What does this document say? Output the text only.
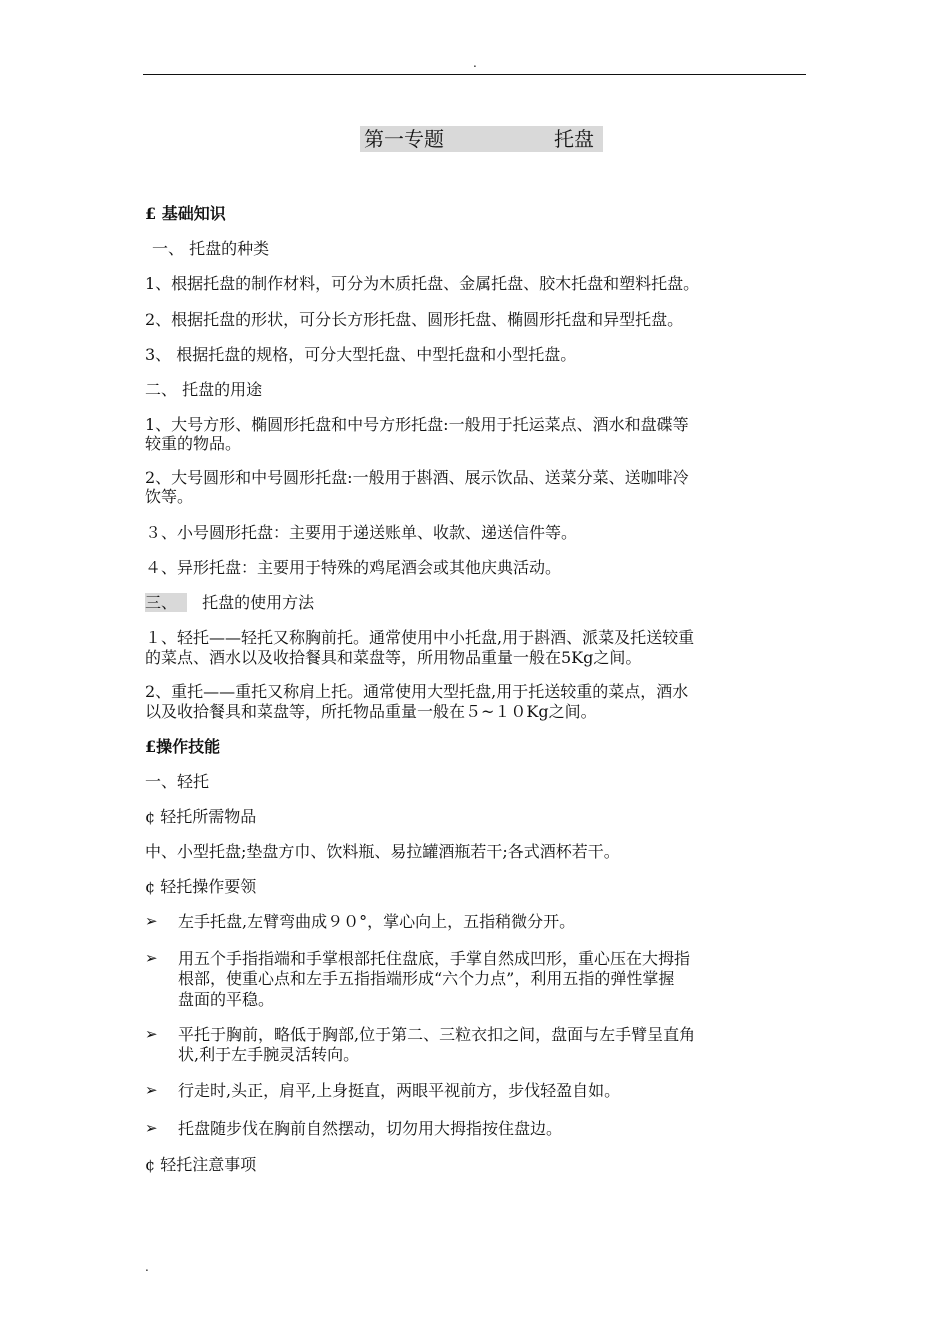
.

第一专题

	托盘

£ 基础知识
一、 托盘的种类
1、根据托盘的制作材料，可分为木质托盘、金属托盘、胶木托盘和塑料托盘。
2、根据托盘的形状，可分长方形托盘、圆形托盘、椭圆形托盘和异型托盘。
3、 根据托盘的规格，可分大型托盘、中型托盘和小型托盘。
二、 托盘的用途
1、大号方形、椭圆形托盘和中号方形托盘:一般用于托运菜点、酒水和盘碟等
较重的物品。
2、大号圆形和中号圆形托盘:一般用于斟酒、展示饮品、送菜分菜、送咖啡冷
饮等。
３、小号圆形托盘：主要用于递送账单、收款、递送信件等。
４、异形托盘：主要用于特殊的鸡尾酒会或其他庆典活动。
三、 托盘的使用方法
１、轻托——轻托又称胸前托。通常使用中小托盘,用于斟酒、派菜及托送较重
的菜点、酒水以及收拾餐具和菜盘等，所用物品重量一般在5Kg之间。
2、重托——重托又称肩上托。通常使用大型托盘,用于托送较重的菜点，酒水
以及收拾餐具和菜盘等，所托物品重量一般在５~１０Kg之间。
£操作技能
一、轻托
¢ 轻托所需物品
中、小型托盘;垫盘方巾、饮料瓶、易拉罐酒瓶若干;各式酒杯若干。
¢ 轻托操作要领
➢ 左手托盘,左臂弯曲成９０°，掌心向上，五指稍微分开。
➢ 用五个手指指端和手掌根部托住盘底，手掌自然成凹形，重心压在大拇指
根部，使重心点和左手五指指端形成“六个力点”，利用五指的弹性掌握
盘面的平稳。
➢ 平托于胸前，略低于胸部,位于第二、三粒衣扣之间，盘面与左手臂呈直角
状,利于左手腕灵活转向。
➢ 行走时,头正，肩平,上身挺直，两眼平视前方，步伐轻盈自如。
➢ 托盘随步伐在胸前自然摆动，切勿用大拇指按住盘边。
¢ 轻托注意事项
.
